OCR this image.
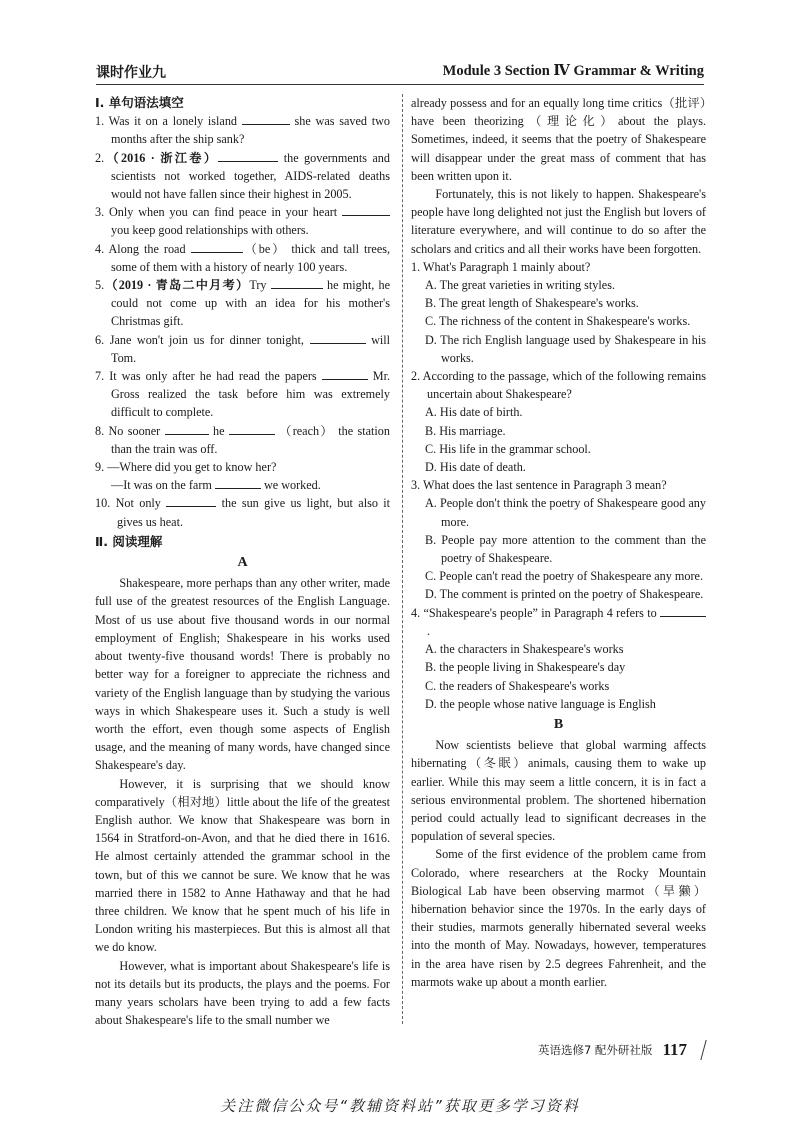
课时作业九	Module 3 Section Ⅳ Grammar & Writing

Ⅰ. 单句语法填空

1. Was it on a lonely island	she was saved two months after the ship sank?

2.（2016 · 浙江卷）	the governments and scientists not worked together, AIDS-related deaths would not have fallen since their highest in 2005.

3. Only when you can find peace in your heart  you keep good relationships with others.

4. Along the road	（be） thick and tall trees, some of them with a history of nearly 100 years.

5.（2019 · 青岛二中月考）Try	he might, he could not come up with an idea for his mother's Christmas gift.

6. Jane won't join us for dinner tonight,	will Tom.

7. It was only after he had read the papers	Mr. Gross realized the task before him was extremely difficult to complete.

8. No sooner	he	（reach） the station than the train was off.

9. —Where did you get to know her?
—It was on the farm	we worked.

10. Not only	the sun give us light, but also it gives us heat.

Ⅱ. 阅读理解

A

Shakespeare, more perhaps than any other writer, made full use of the greatest resources of the English Language. Most of us use about five thousand words in our normal employment of English; Shakespeare in his works used about twenty-five thousand words! There is probably no better way for a foreigner to appreciate the richness and variety of the English language than by studying the various ways in which Shakespeare uses it. Such a study is well worth the effort, even though some aspects of English usage, and the meaning of many words, have changed since Shakespeare's day.

However, it is surprising that we should know comparatively（相对地）little about the life of the greatest English author. We know that Shakespeare was born in 1564 in Stratford-on-Avon, and that he died there in 1616. He almost certainly attended the grammar school in the town, but of this we cannot be sure. We know that he was married there in 1582 to Anne Hathaway and that he had three children. We know that he spent much of his life in London writing his masterpieces. But this is almost all that we do know.

However, what is important about Shakespeare's life is not its details but its products, the plays and the poems. For many years scholars have been trying to add a few facts about Shakespeare's life to the small number we

already possess and for an equally long time critics（批评）have been theorizing（理论化）about the plays. Sometimes, indeed, it seems that the poetry of Shakespeare will disappear under the great mass of comment that has been written upon it.

Fortunately, this is not likely to happen. Shakespeare's people have long delighted not just the English but lovers of literature everywhere, and will continue to do so after the scholars and critics and all their works have been forgotten.

1. What's Paragraph 1 mainly about?

A. The great varieties in writing styles.

B. The great length of Shakespeare's works.

C. The richness of the content in Shakespeare's works.

D. The rich English language used by Shakespeare in his works.

2. According to the passage, which of the following remains uncertain about Shakespeare?

A. His date of birth.

B. His marriage.

C. His life in the grammar school.

D. His date of death.

3. What does the last sentence in Paragraph 3 mean?

A. People don't think the poetry of Shakespeare good any more.

B. People pay more attention to the comment than the poetry of Shakespeare.

C. People can't read the poetry of Shakespeare any more.

D. The comment is printed on the poetry of Shakespeare.

4. “Shakespeare's people” in Paragraph 4 refers to .

A. the characters in Shakespeare's works

B. the people living in Shakespeare's day

C. the readers of Shakespeare's works

D. the people whose native language is English

B

Now scientists believe that global warming affects hibernating（冬眠）animals, causing them to wake up earlier. While this may seem a little concern, it is in fact a serious environmental problem. The shortened hibernation period could actually lead to significant decreases in the population of several species.

Some of the first evidence of the problem came from Colorado, where researchers at the Rocky Mountain Biological Lab have been observing marmot（旱獭）hibernation behavior since the 1970s. In the early days of their studies, marmots generally hibernated several weeks into the month of May. Nowadays, however, temperatures in the area have risen by 2.5 degrees Fahrenheit, and the marmots wake up about a month earlier.

英语选修7 配外研社版 117
关注微信公众号“教辅资料站”获取更多学习资料
